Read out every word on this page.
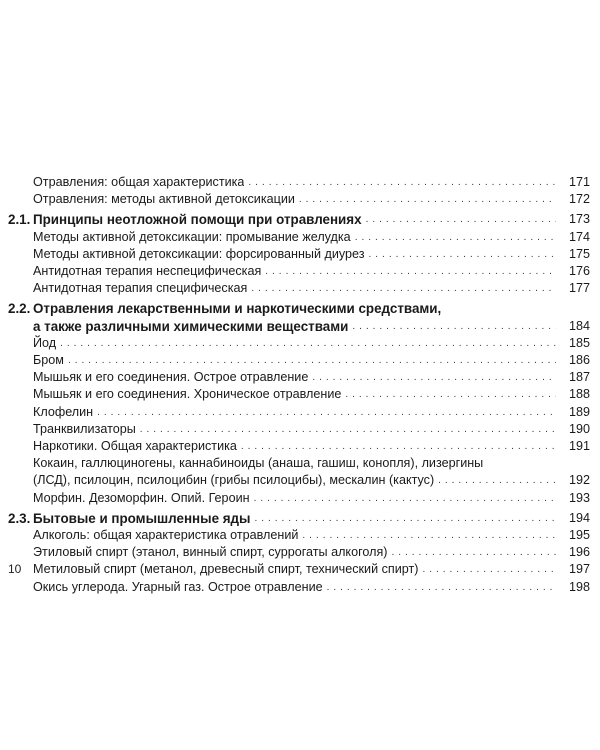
Отравления: общая характеристика . . .	171
Отравления: методы активной детоксикации . . .	172
2.1. Принципы неотложной помощи при отравлениях . . .	173
Методы активной детоксикации: промывание желудка . . .	174
Методы активной детоксикации: форсированный диурез . . .	175
Антидотная терапия неспецифическая . . .	176
Антидотная терапия специфическая . . .	177
2.2. Отравления лекарственными и наркотическими средствами,
а также различными химическими веществами . . .	184
Йод . . .	185
Бром . . .	186
Мышьяк и его соединения. Острое отравление . . .	187
Мышьяк и его соединения. Хроническое отравление . . .	188
Клофелин . . .	189
Транквилизаторы . . .	190
Наркотики. Общая характеристика . . .	191
Кокаин, галлюциногены, каннабиноиды (анаша, гашиш, конопля), лизергины
(ЛСД), псилоцин, псилоцибин (грибы псилоцибы), мескалин (кактус) . . .	192
Морфин. Дезоморфин. Опий. Героин . . .	193
2.3. Бытовые и промышленные яды . . .	194
Алкоголь: общая характеристика отравлений . . .	195
Этиловый спирт (этанол, винный спирт, суррогаты алкоголя) . . .	196
Метиловый спирт (метанол, древесный спирт, технический спирт) . . .	197
Окись углерода. Угарный газ. Острое отравление . . .	198
10
